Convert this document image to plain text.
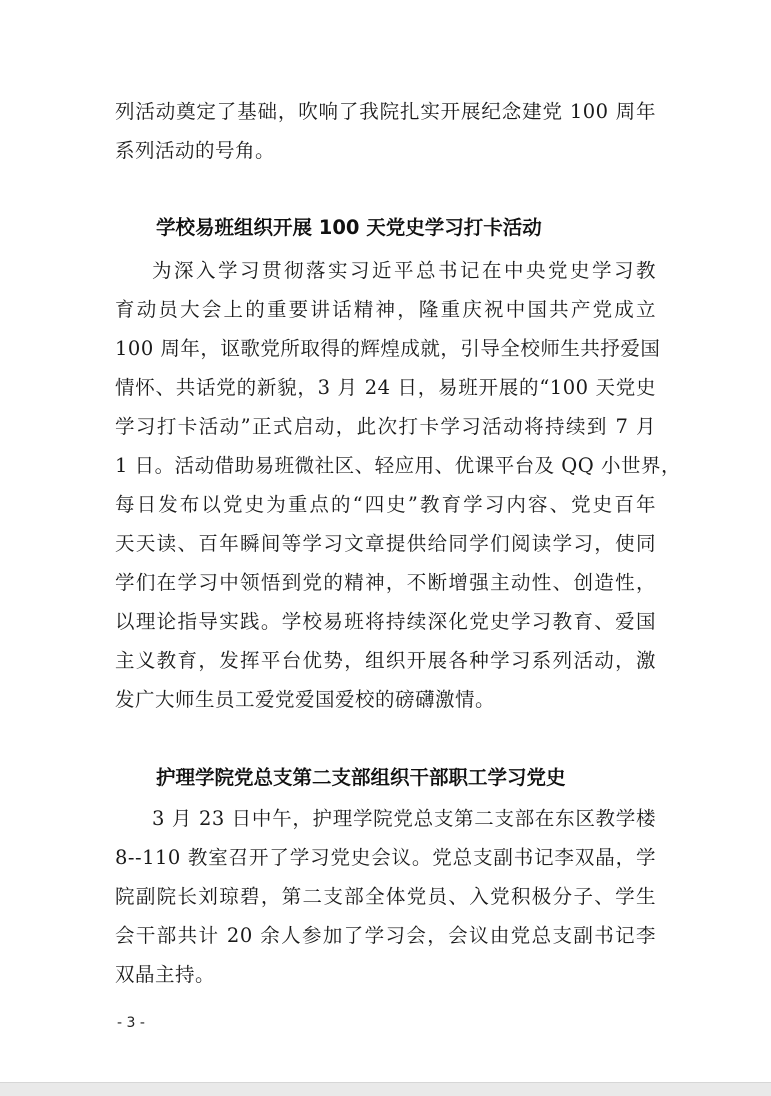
列活动奠定了基础，吹响了我院扎实开展纪念建党 100 周年
系列活动的号角。
学校易班组织开展 100 天党史学习打卡活动
为深入学习贯彻落实习近平总书记在中央党史学习教
育动员大会上的重要讲话精神，隆重庆祝中国共产党成立
100 周年，讴歌党所取得的辉煌成就，引导全校师生共抒爱国
情怀、共话党的新貌，3 月 24 日，易班开展的“100 天党史
学习打卡活动”正式启动，此次打卡学习活动将持续到 7 月
1 日。活动借助易班微社区、轻应用、优课平台及 QQ 小世界，
每日发布以党史为重点的“四史”教育学习内容、党史百年
天天读、百年瞬间等学习文章提供给同学们阅读学习，使同
学们在学习中领悟到党的精神，不断增强主动性、创造性，
以理论指导实践。学校易班将持续深化党史学习教育、爱国
主义教育，发挥平台优势，组织开展各种学习系列活动，激
发广大师生员工爱党爱国爱校的磅礴激情。
护理学院党总支第二支部组织干部职工学习党史
3 月 23 日中午，护理学院党总支第二支部在东区教学楼
8--110 教室召开了学习党史会议。党总支副书记李双晶，学
院副院长刘琼碧，第二支部全体党员、入党积极分子、学生
会干部共计 20 余人参加了学习会，会议由党总支副书记李
双晶主持。
- 3 -
